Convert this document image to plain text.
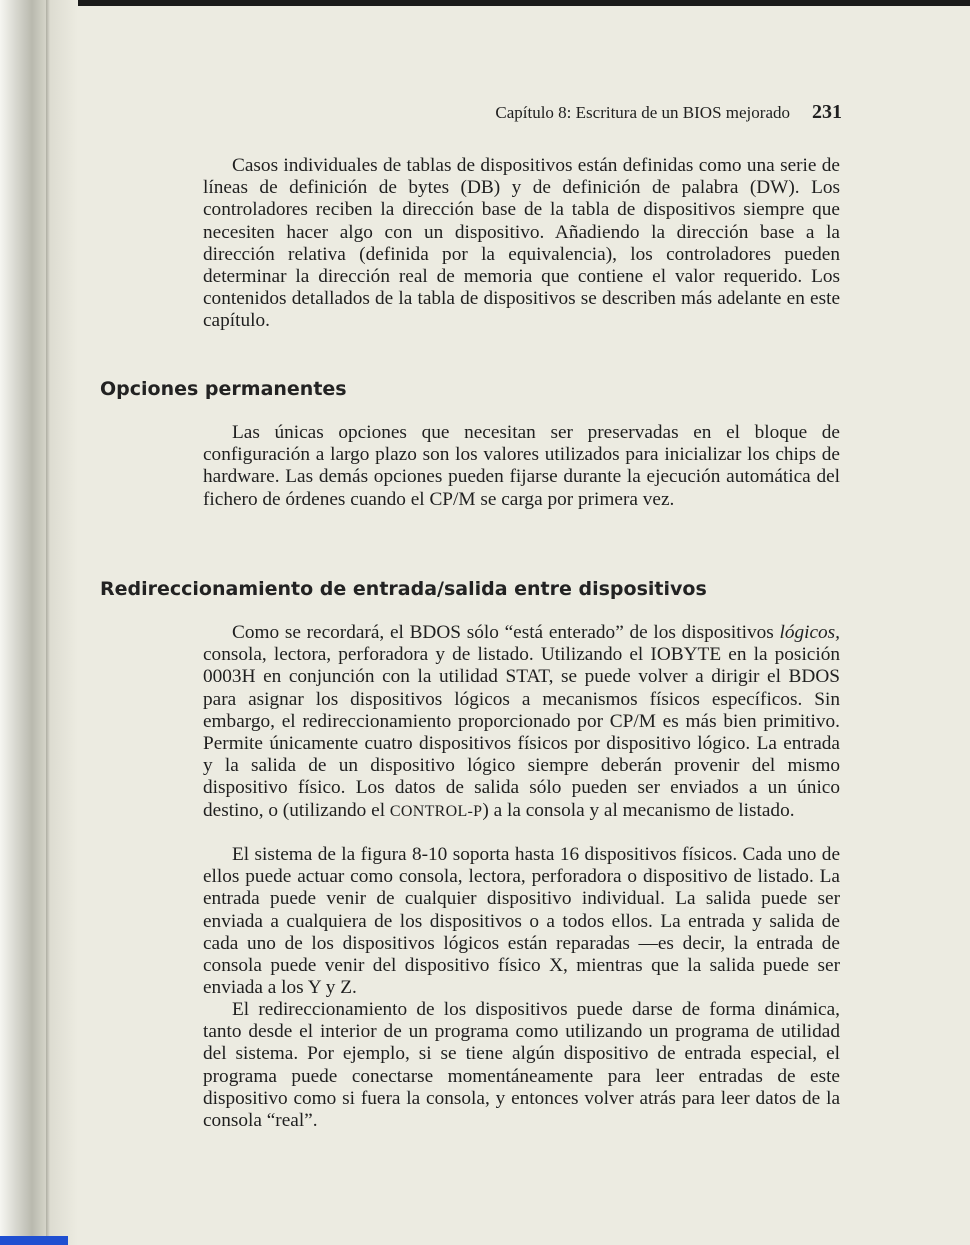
Capítulo 8: Escritura de un BIOS mejorado 231

Casos individuales de tablas de dispositivos están definidas como una serie de líneas de definición de bytes (DB) y de definición de palabra (DW). Los controladores reciben la dirección base de la tabla de dispositivos siempre que necesiten hacer algo con un dispositivo. Añadiendo la dirección base a la dirección relativa (definida por la equivalencia), los controladores pueden determinar la dirección real de memoria que contiene el valor requerido. Los contenidos detallados de la tabla de dispositivos se describen más adelante en este capítulo.

Opciones permanentes

Las únicas opciones que necesitan ser preservadas en el bloque de configuración a largo plazo son los valores utilizados para inicializar los chips de hardware. Las demás opciones pueden fijarse durante la ejecución automática del fichero de órdenes cuando el CP/M se carga por primera vez.

Redireccionamiento de entrada/salida entre dispositivos

Como se recordará, el BDOS sólo “está enterado” de los dispositivos lógicos, consola, lectora, perforadora y de listado. Utilizando el IOBYTE en la posición 0003H en conjunción con la utilidad STAT, se puede volver a dirigir el BDOS para asignar los dispositivos lógicos a mecanismos físicos específicos. Sin embargo, el redireccionamiento proporcionado por CP/M es más bien primitivo. Permite únicamente cuatro dispositivos físicos por dispositivo lógico. La entrada y la salida de un dispositivo lógico siempre deberán provenir del mismo dispositivo físico. Los datos de salida sólo pueden ser enviados a un único destino, o (utilizando el CONTROL-P) a la consola y al mecanismo de listado.

El sistema de la figura 8-10 soporta hasta 16 dispositivos físicos. Cada uno de ellos puede actuar como consola, lectora, perforadora o dispositivo de listado. La entrada puede venir de cualquier dispositivo individual. La salida puede ser enviada a cualquiera de los dispositivos o a todos ellos. La entrada y salida de cada uno de los dispositivos lógicos están reparadas —es decir, la entrada de consola puede venir del dispositivo físico X, mientras que la salida puede ser enviada a los Y y Z.

El redireccionamiento de los dispositivos puede darse de forma dinámica, tanto desde el interior de un programa como utilizando un programa de utilidad del sistema. Por ejemplo, si se tiene algún dispositivo de entrada especial, el programa puede conectarse momentáneamente para leer entradas de este dispositivo como si fuera la consola, y entonces volver atrás para leer datos de la consola “real”.
